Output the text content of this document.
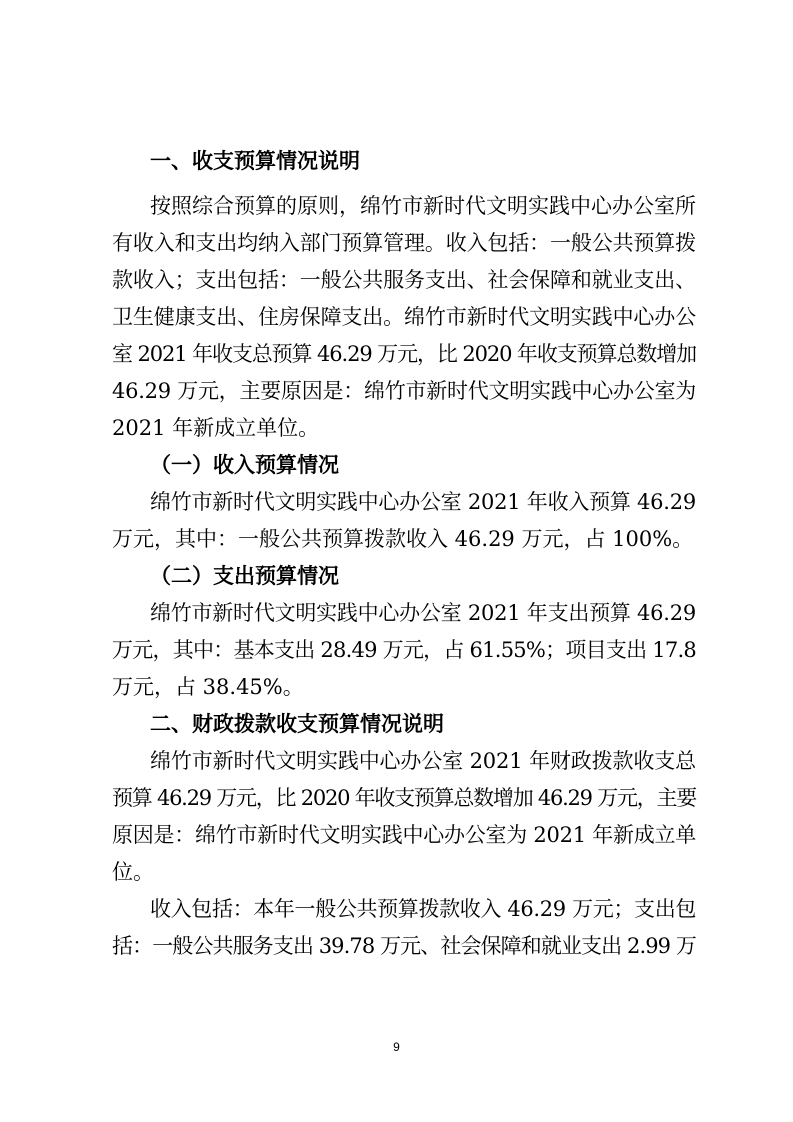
一、收支预算情况说明
按照综合预算的原则，绵竹市新时代文明实践中心办公室所
有收入和支出均纳入部门预算管理。收入包括：一般公共预算拨
款收入；支出包括：一般公共服务支出、社会保障和就业支出、
卫生健康支出、住房保障支出。绵竹市新时代文明实践中心办公
室 2021 年收支总预算 46.29 万元，比 2020 年收支预算总数增加
46.29 万元，主要原因是：绵竹市新时代文明实践中心办公室为
2021 年新成立单位。
（一）收入预算情况
绵竹市新时代文明实践中心办公室 2021 年收入预算 46.29
万元，其中：一般公共预算拨款收入 46.29 万元，占 100%。
（二）支出预算情况
绵竹市新时代文明实践中心办公室 2021 年支出预算 46.29
万元，其中：基本支出 28.49 万元，占 61.55%；项目支出 17.8
万元，占 38.45%。
二、财政拨款收支预算情况说明
绵竹市新时代文明实践中心办公室 2021 年财政拨款收支总
预算 46.29 万元，比 2020 年收支预算总数增加 46.29 万元，主要
原因是：绵竹市新时代文明实践中心办公室为 2021 年新成立单
位。
收入包括：本年一般公共预算拨款收入 46.29 万元；支出包
括：一般公共服务支出 39.78 万元、社会保障和就业支出 2.99 万
9
